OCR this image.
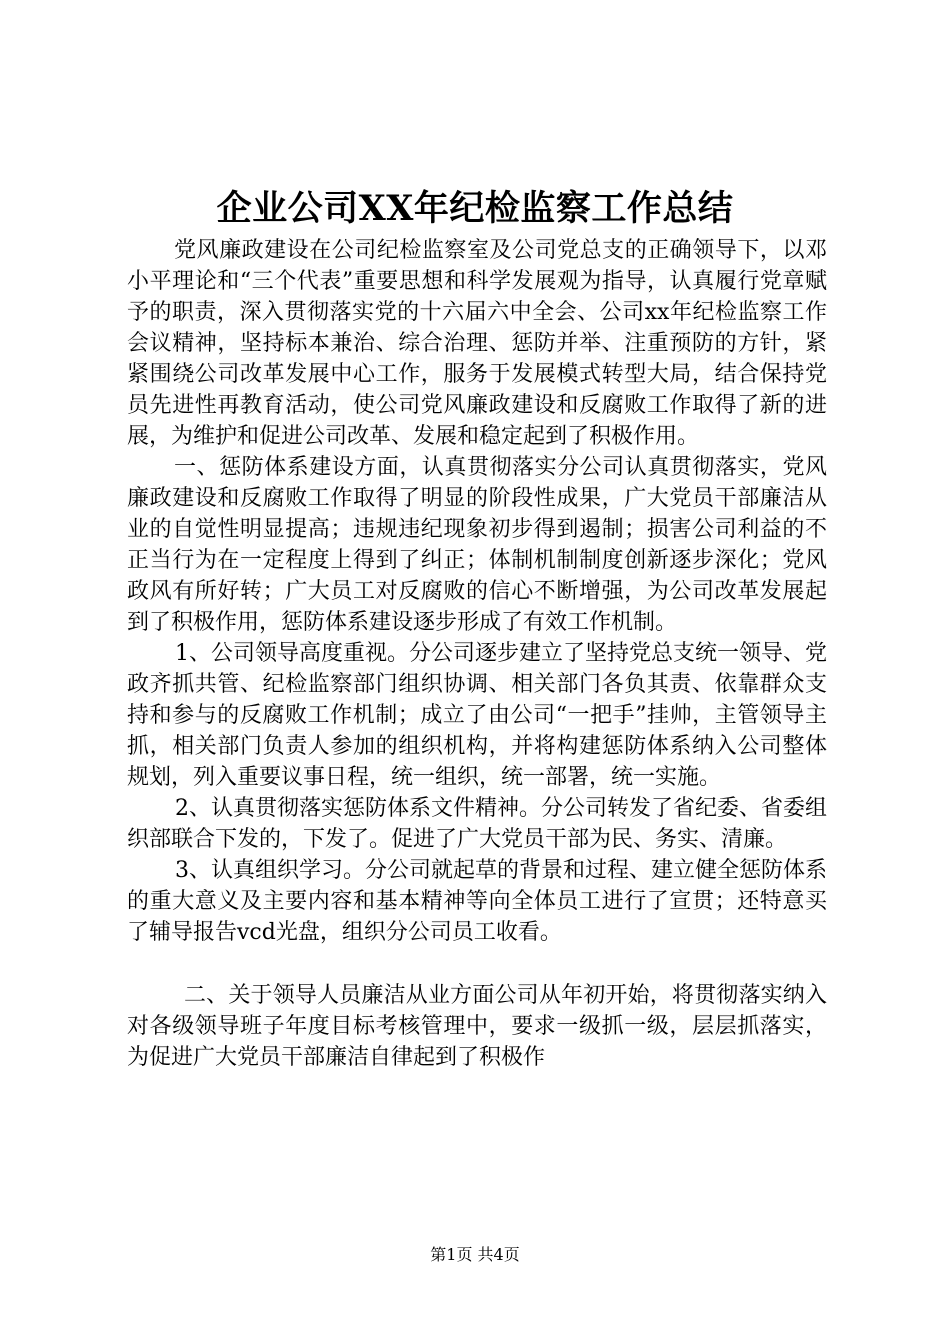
企业公司XX年纪检监察工作总结

党风廉政建设在公司纪检监察室及公司党总支的正确领导下，以邓小平理论和“三个代表”重要思想和科学发展观为指导，认真履行党章赋予的职责，深入贯彻落实党的十六届六中全会、公司xx年纪检监察工作会议精神，坚持标本兼治、综合治理、惩防并举、注重预防的方针，紧紧围绕公司改革发展中心工作，服务于发展模式转型大局，结合保持党员先进性再教育活动，使公司党风廉政建设和反腐败工作取得了新的进展，为维护和促进公司改革、发展和稳定起到了积极作用。

一、惩防体系建设方面，认真贯彻落实分公司认真贯彻落实，党风廉政建设和反腐败工作取得了明显的阶段性成果，广大党员干部廉洁从业的自觉性明显提高；违规违纪现象初步得到遏制；损害公司利益的不正当行为在一定程度上得到了纠正；体制机制制度创新逐步深化；党风政风有所好转；广大员工对反腐败的信心不断增强，为公司改革发展起到了积极作用，惩防体系建设逐步形成了有效工作机制。

1、公司领导高度重视。分公司逐步建立了坚持党总支统一领导、党政齐抓共管、纪检监察部门组织协调、相关部门各负其责、依靠群众支持和参与的反腐败工作机制；成立了由公司“一把手”挂帅，主管领导主抓，相关部门负责人参加的组织机构，并将构建惩防体系纳入公司整体规划，列入重要议事日程，统一组织，统一部署，统一实施。

2、认真贯彻落实惩防体系文件精神。分公司转发了省纪委、省委组织部联合下发的，下发了。促进了广大党员干部为民、务实、清廉。

3、认真组织学习。分公司就起草的背景和过程、建立健全惩防体系的重大意义及主要内容和基本精神等向全体员工进行了宣贯；还特意买了辅导报告vcd光盘，组织分公司员工收看。

二、关于领导人员廉洁从业方面公司从年初开始，将贯彻落实纳入对各级领导班子年度目标考核管理中，要求一级抓一级，层层抓落实，为促进广大党员干部廉洁自律起到了积极作

第1页 共4页
